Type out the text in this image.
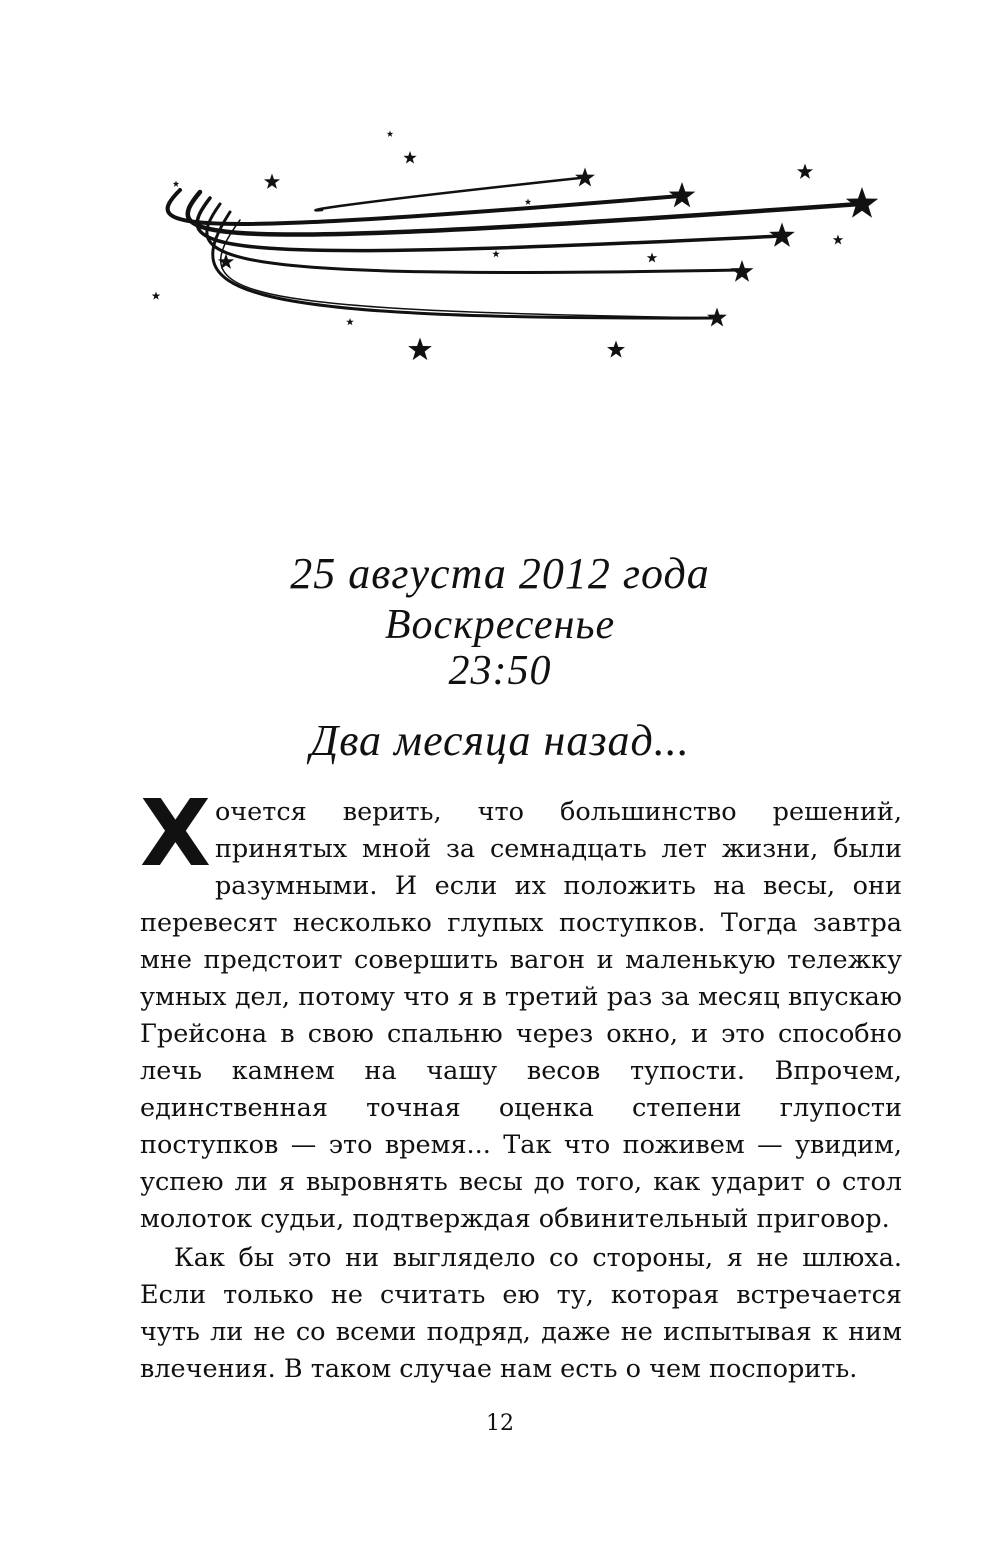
25 августа 2012 года
Воскресенье
23:50
Два месяца назад...

Хочется верить, что большинство решений, принятых мной за семнадцать лет жизни, были разумными. И если их положить на весы, они перевесят несколько глупых поступков. Тогда завтра мне предстоит совершить вагон и маленькую тележку умных дел, потому что я в третий раз за месяц впускаю Грейсона в свою спальню через окно, и это способно лечь камнем на чашу весов тупости. Впрочем, единственная точная оценка степени глупости поступков — это время... Так что поживем — увидим, успею ли я выровнять весы до того, как ударит о стол молоток судьи, подтверждая обвинительный приговор.

Как бы это ни выглядело со стороны, я не шлюха. Если только не считать ею ту, которая встречается чуть ли не со всеми подряд, даже не испытывая к ним влечения. В таком случае нам есть о чем поспорить.

12
